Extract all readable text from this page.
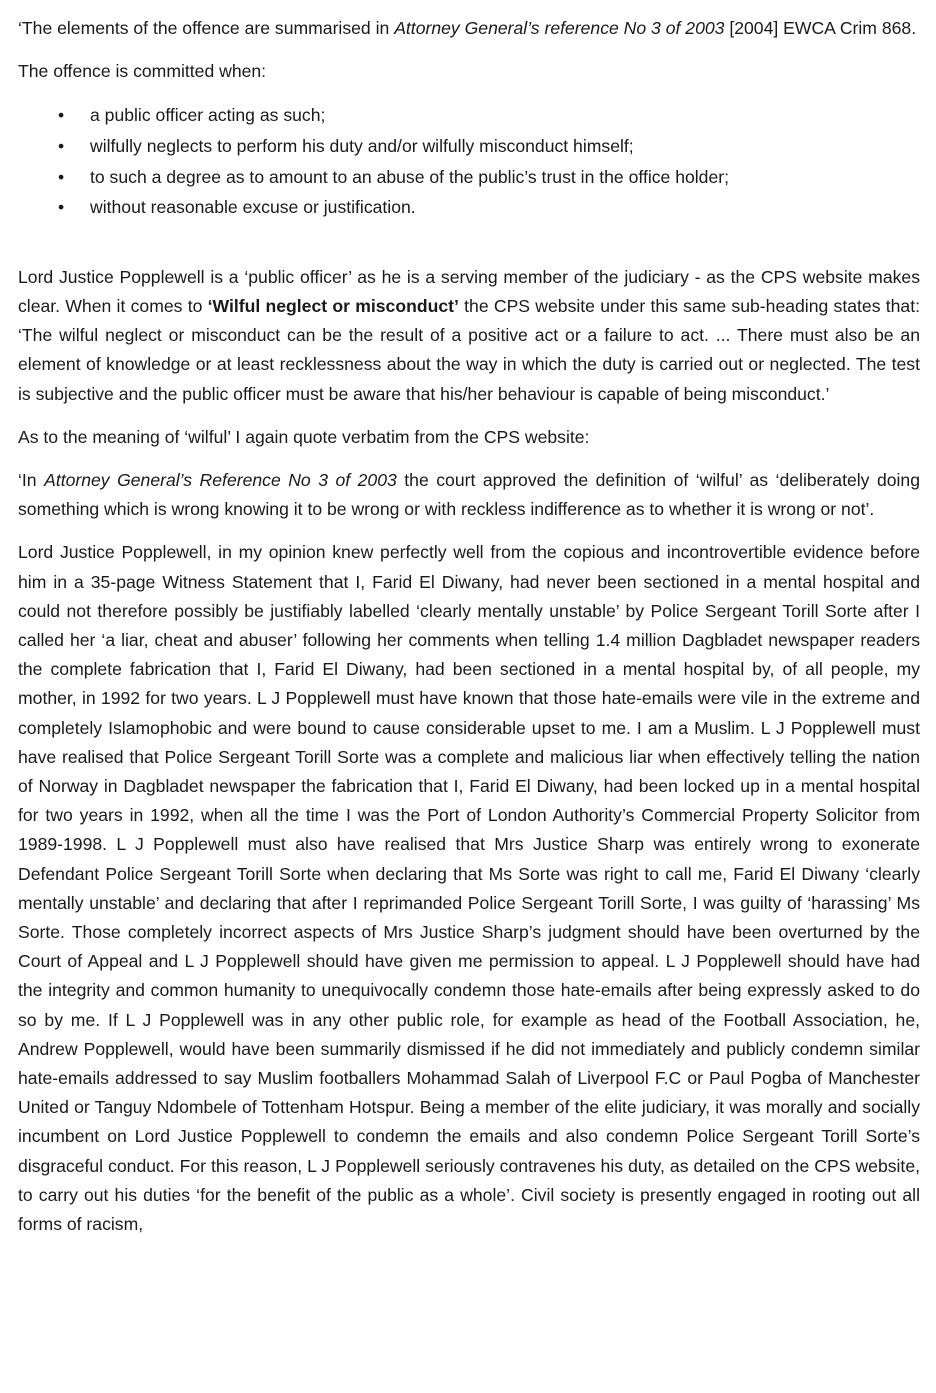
‘The elements of the offence are summarised in Attorney General’s reference No 3 of 2003 [2004] EWCA Crim 868.

The offence is committed when:

• a public officer acting as such;
• wilfully neglects to perform his duty and/or wilfully misconduct himself;
• to such a degree as to amount to an abuse of the public’s trust in the office holder;
• without reasonable excuse or justification.

Lord Justice Popplewell is a ‘public officer’ as he is a serving member of the judiciary - as the CPS website makes clear. When it comes to ‘Wilful neglect or misconduct’ the CPS website under this same sub-heading states that: ‘The wilful neglect or misconduct can be the result of a positive act or a failure to act. ... There must also be an element of knowledge or at least recklessness about the way in which the duty is carried out or neglected. The test is subjective and the public officer must be aware that his/her behaviour is capable of being misconduct.’

As to the meaning of ‘wilful’ I again quote verbatim from the CPS website:

‘In Attorney General’s Reference No 3 of 2003 the court approved the definition of ‘wilful’ as ‘deliberately doing something which is wrong knowing it to be wrong or with reckless indifference as to whether it is wrong or not’.

Lord Justice Popplewell, in my opinion knew perfectly well from the copious and incontrovertible evidence before him in a 35-page Witness Statement that I, Farid El Diwany, had never been sectioned in a mental hospital and could not therefore possibly be justifiably labelled ‘clearly mentally unstable’ by Police Sergeant Torill Sorte after I called her ‘a liar, cheat and abuser’ following her comments when telling 1.4 million Dagbladet newspaper readers the complete fabrication that I, Farid El Diwany, had been sectioned in a mental hospital by, of all people, my mother, in 1992 for two years. L J Popplewell must have known that those hate-emails were vile in the extreme and completely Islamophobic and were bound to cause considerable upset to me. I am a Muslim. L J Popplewell must have realised that Police Sergeant Torill Sorte was a complete and malicious liar when effectively telling the nation of Norway in Dagbladet newspaper the fabrication that I, Farid El Diwany, had been locked up in a mental hospital for two years in 1992, when all the time I was the Port of London Authority’s Commercial Property Solicitor from 1989-1998. L J Popplewell must also have realised that Mrs Justice Sharp was entirely wrong to exonerate Defendant Police Sergeant Torill Sorte when declaring that Ms Sorte was right to call me, Farid El Diwany ‘clearly mentally unstable’ and declaring that after I reprimanded Police Sergeant Torill Sorte, I was guilty of ‘harassing’ Ms Sorte. Those completely incorrect aspects of Mrs Justice Sharp’s judgment should have been overturned by the Court of Appeal and L J Popplewell should have given me permission to appeal. L J Popplewell should have had the integrity and common humanity to unequivocally condemn those hate-emails after being expressly asked to do so by me. If L J Popplewell was in any other public role, for example as head of the Football Association, he, Andrew Popplewell, would have been summarily dismissed if he did not immediately and publicly condemn similar hate-emails addressed to say Muslim footballers Mohammad Salah of Liverpool F.C or Paul Pogba of Manchester United or Tanguy Ndombele of Tottenham Hotspur. Being a member of the elite judiciary, it was morally and socially incumbent on Lord Justice Popplewell to condemn the emails and also condemn Police Sergeant Torill Sorte’s disgraceful conduct. For this reason, L J Popplewell seriously contravenes his duty, as detailed on the CPS website, to carry out his duties ‘for the benefit of the public as a whole’. Civil society is presently engaged in rooting out all forms of racism,
